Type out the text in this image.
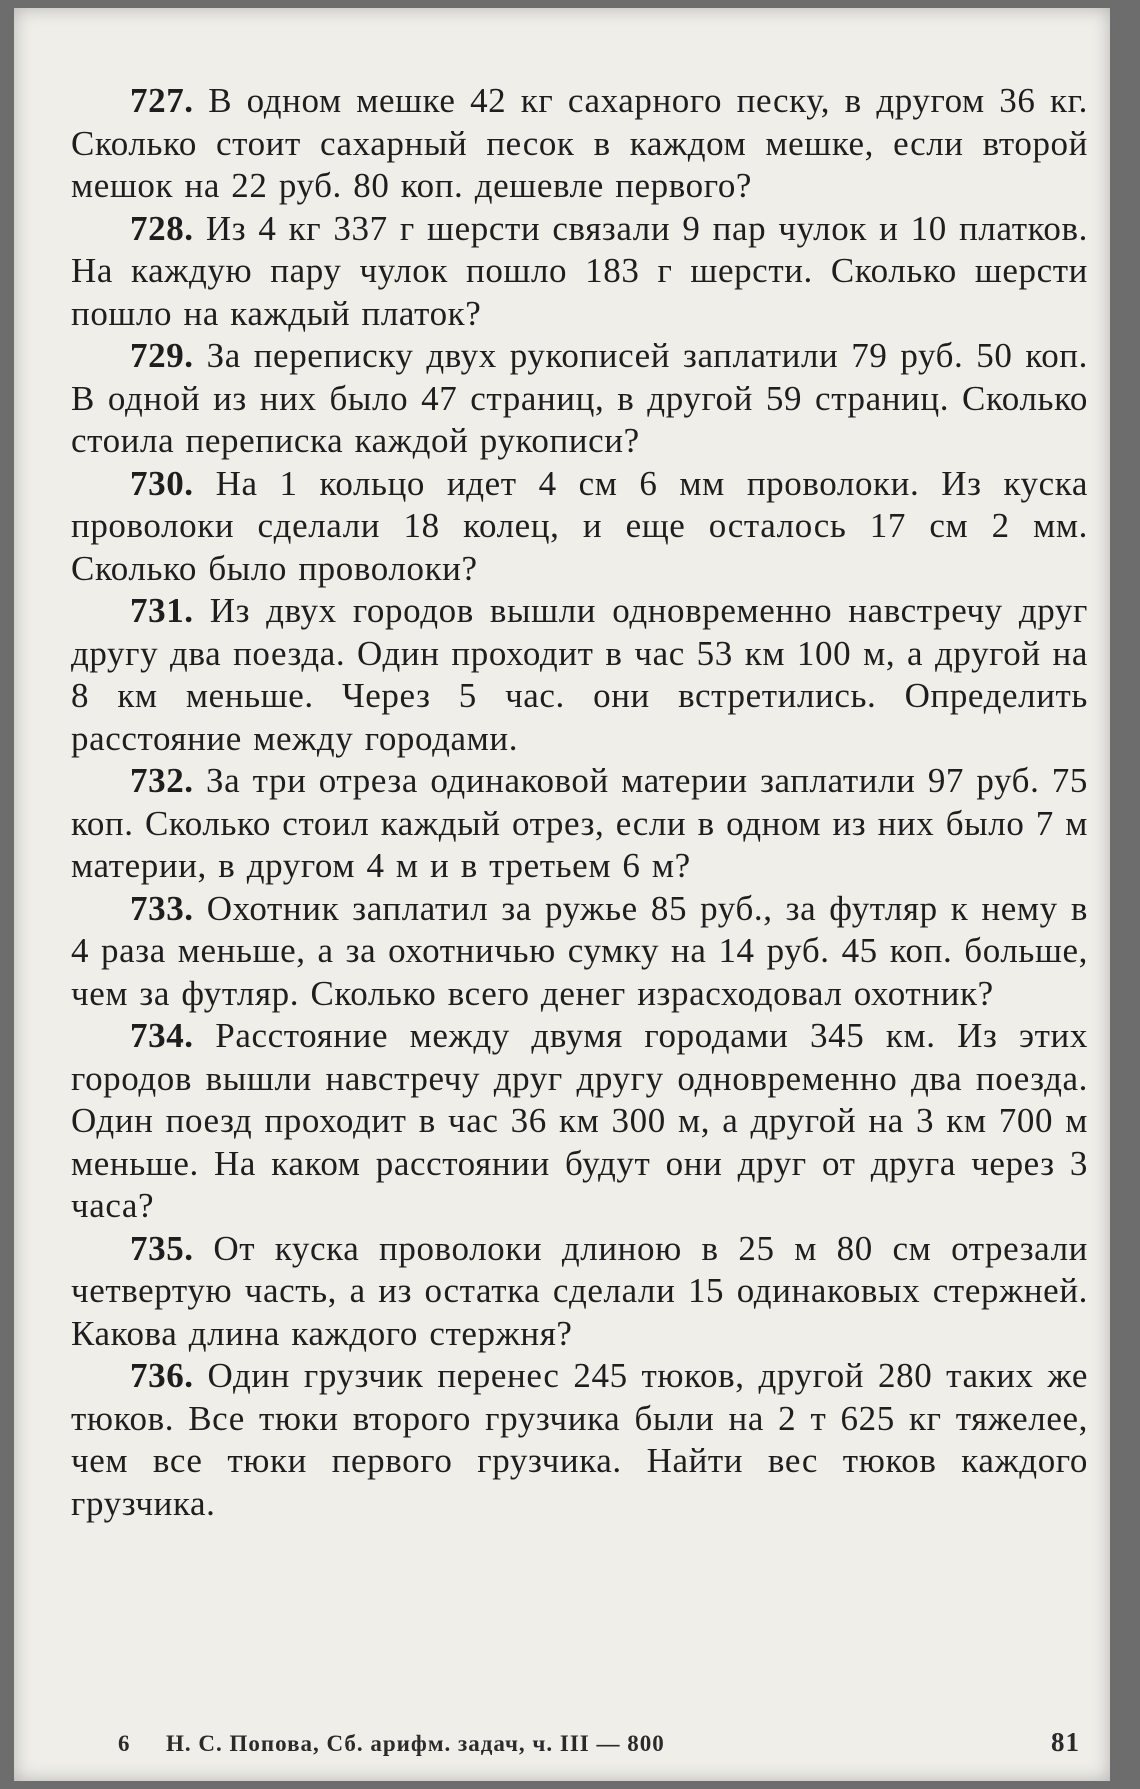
727. В одном мешке 42 кг сахарного песку, в другом 36 кг. Сколько стоит сахарный песок в каждом мешке, если второй мешок на 22 руб. 80 коп. дешевле первого?

728. Из 4 кг 337 г шерсти связали 9 пар чулок и 10 платков. На каждую пару чулок пошло 183 г шерсти. Сколько шерсти пошло на каждый платок?

729. За переписку двух рукописей заплатили 79 руб. 50 коп. В одной из них было 47 страниц, в другой 59 страниц. Сколько стоила переписка каждой рукописи?

730. На 1 кольцо идет 4 см 6 мм проволоки. Из куска проволоки сделали 18 колец, и еще осталось 17 см 2 мм. Сколько было проволоки?

731. Из двух городов вышли одновременно навстречу друг другу два поезда. Один проходит в час 53 км 100 м, а другой на 8 км меньше. Через 5 час. они встретились. Определить расстояние между городами.

732. За три отреза одинаковой материи заплатили 97 руб. 75 коп. Сколько стоил каждый отрез, если в одном из них было 7 м материи, в другом 4 м и в третьем 6 м?

733. Охотник заплатил за ружье 85 руб., за футляр к нему в 4 раза меньше, а за охотничью сумку на 14 руб. 45 коп. больше, чем за футляр. Сколько всего денег израсходовал охотник?

734. Расстояние между двумя городами 345 км. Из этих городов вышли навстречу друг другу одновременно два поезда. Один поезд проходит в час 36 км 300 м, а другой на 3 км 700 м меньше. На каком расстоянии будут они друг от друга через 3 часа?

735. От куска проволоки длиною в 25 м 80 см отрезали четвертую часть, а из остатка сделали 15 одинаковых стержней. Какова длина каждого стержня?

736. Один грузчик перенес 245 тюков, другой 280 таких же тюков. Все тюки второго грузчика были на 2 т 625 кг тяжелее, чем все тюки первого грузчика. Найти вес тюков каждого грузчика.

6 Н. С. Попова, Сб. арифм. задач, ч. III — 800	81
